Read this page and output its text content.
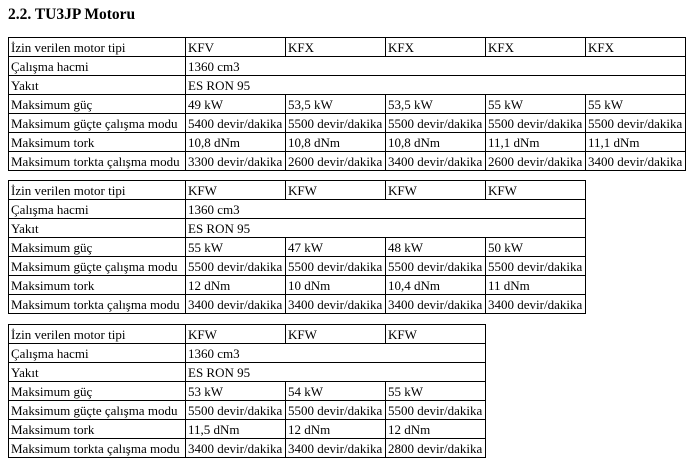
2.2. TU3JP Motoru
İzin verilen motor tipi	KFV	KFX	KFX	KFX	KFX
Çalışma hacmi	1360 cm3				
Yakıt	ES RON 95				
Maksimum güç	49 kW	53,5 kW	53,5 kW	55 kW	55 kW
Maksimum güçte çalışma modu	5400 devir/dakika	5500 devir/dakika	5500 devir/dakika	5500 devir/dakika	5500 devir/dakika
Maksimum tork	10,8 dNm	10,8 dNm	10,8 dNm	11,1 dNm	11,1 dNm
Maksimum torkta çalışma modu	3300 devir/dakika	2600 devir/dakika	3400 devir/dakika	2600 devir/dakika	3400 devir/dakika
İzin verilen motor tipi	KFW	KFW	KFW	KFW
Çalışma hacmi	1360 cm3			
Yakıt	ES RON 95			
Maksimum güç	55 kW	47 kW	48 kW	50 kW
Maksimum güçte çalışma modu	5500 devir/dakika	5500 devir/dakika	5500 devir/dakika	5500 devir/dakika
Maksimum tork	12 dNm	10 dNm	10,4 dNm	11 dNm
Maksimum torkta çalışma modu	3400 devir/dakika	3400 devir/dakika	3400 devir/dakika	3400 devir/dakika
İzin verilen motor tipi	KFW	KFW	KFW
Çalışma hacmi	1360 cm3		
Yakıt	ES RON 95		
Maksimum güç	53 kW	54 kW	55 kW
Maksimum güçte çalışma modu	5500 devir/dakika	5500 devir/dakika	5500 devir/dakika
Maksimum tork	11,5 dNm	12 dNm	12 dNm
Maksimum torkta çalışma modu	3400 devir/dakika	3400 devir/dakika	2800 devir/dakika
